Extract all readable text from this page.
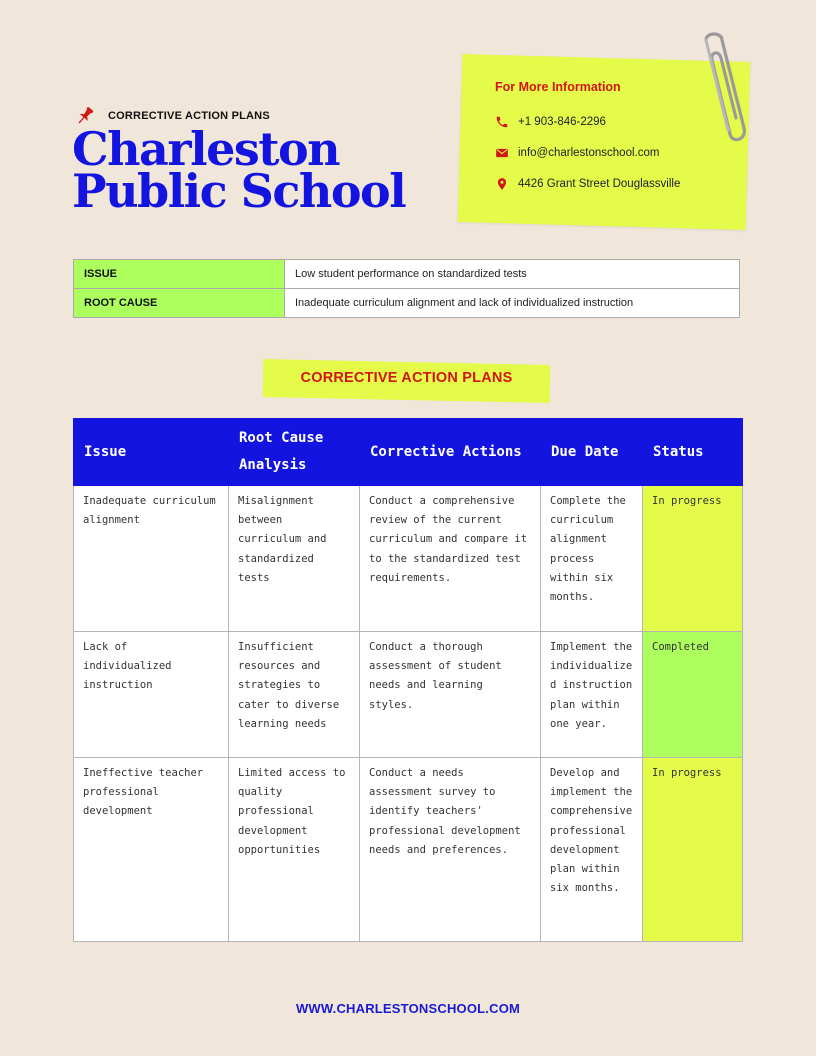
CORRECTIVE ACTION PLANS
Charleston
Public School
For More Information
+1 903-846-2296
info@charlestonschool.com
4426 Grant Street Douglassville
ISSUE	Low student performance on standardized tests
ROOT CAUSE	Inadequate curriculum alignment and lack of individualized instruction
CORRECTIVE ACTION PLANS
Issue	Root Cause Analysis	Corrective Actions	Due Date	Status
Inadequate curriculum alignment	Misalignment between curriculum and standardized tests	Conduct a comprehensive review of the current curriculum and compare it to the standardized test requirements.	Complete the curriculum alignment process within six months.	In progress
Lack of individualized instruction	Insufficient resources and strategies to cater to diverse learning needs	Conduct a thorough assessment of student needs and learning styles.	Implement the individualized instruction plan within one year.	Completed
Ineffective teacher professional development	Limited access to quality professional development opportunities	Conduct a needs assessment survey to identify teachers' professional development needs and preferences.	Develop and implement the comprehensive professional development plan within six months.	In progress
WWW.CHARLESTONSCHOOL.COM
